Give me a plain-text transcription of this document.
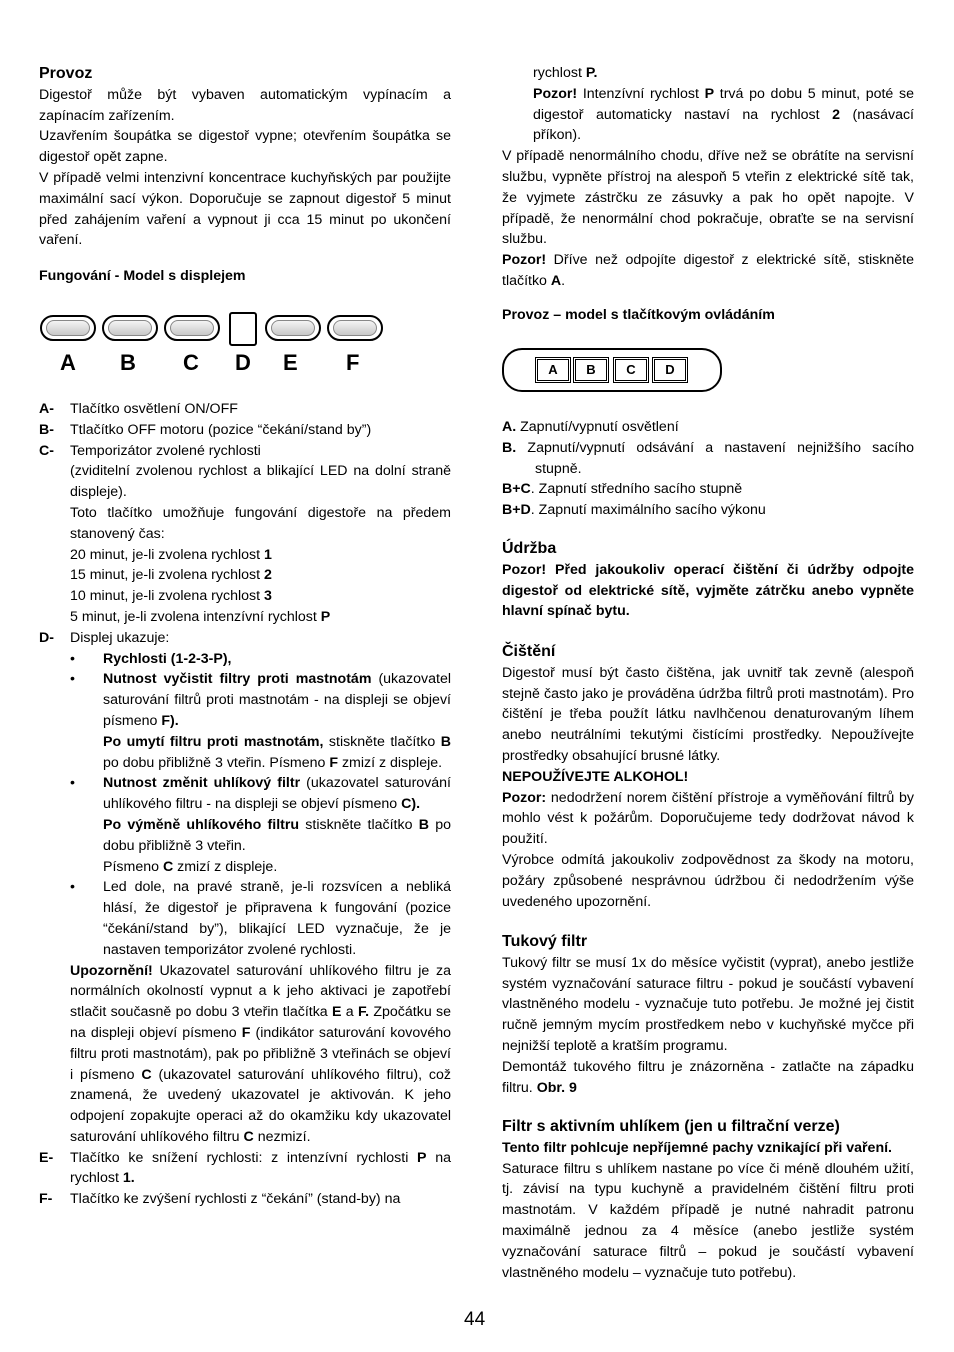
Provoz

Digestoř může být vybaven automatickým vypínacím a zapínacím zařízením.

Uzavřením šoupátka se digestoř vypne; otevřením šoupátka se digestoř opět zapne.

V případě velmi intenzivní koncentrace kuchyňských par použijte maximální sací výkon. Doporučuje se zapnout digestoř 5 minut před zahájením vaření a vypnout ji cca 15 minut po ukončení vaření.

Fungování - Model s displejem

A B C D E F
A- Tlačítko osvětlení ON/OFF
B- Ttlačítko OFF motoru (pozice “čekání/stand by”)
C- Temporizátor zvolené rychlosti
(zviditelní zvolenou rychlost a blikající LED na dolní straně displeje).
Toto tlačítko umožňuje fungování digestoře na předem stanovený čas:
20 minut, je-li zvolena rychlost 1
15 minut, je-li zvolena rychlost 2
10 minut, je-li zvolena rychlost 3
5 minut, je-li zvolena intenzívní rychlost P
D- Displej ukazuje:
• Rychlosti (1-2-3-P),
• Nutnost vyčistit filtry proti mastnotám (ukazovatel saturování filtrů proti mastnotám - na displeji se objeví písmeno F).
Po umytí filtru proti mastnotám, stiskněte tlačítko B po dobu přibližně 3 vteřin. Písmeno F zmizí z displeje.
• Nutnost změnit uhlíkový filtr (ukazovatel saturování uhlíkového filtru - na displeji se objeví písmeno C).
Po výměně uhlíkového filtru stiskněte tlačítko B po dobu přibližně 3 vteřin.
Písmeno C zmizí z displeje.
• Led dole, na pravé straně, je-li rozsvícen a nebliká hlásí, že digestoř je připravena k fungování (pozice “čekání/stand by”), blikající LED vyznačuje, že je nastaven temporizátor zvolené rychlosti.
Upozornění! Ukazovatel saturování uhlíkového filtru je za normálních okolností vypnut a k jeho aktivaci je zapotřebí stlačit současně po dobu 3 vteřin tlačítka E a F. Zpočátku se na displeji objeví písmeno F (indikátor saturování kovového filtru proti mastnotám), pak po přibližně 3 vteřinách se objeví i písmeno C (ukazovatel saturování uhlíkového filtru), což znamená, že uvedený ukazovatel je aktivován. K jeho odpojení zopakujte operaci až do okamžiku kdy ukazovatel saturování uhlíkového filtru C nezmizí.
E- Tlačítko ke snížení rychlosti: z intenzívní rychlosti P na rychlost 1.
F- Tlačítko ke zvýšení rychlosti z “čekání” (stand-by) na
rychlost P.
Pozor! Intenzívní rychlost P trvá po dobu 5 minut, poté se digestoř automaticky nastaví na rychlost 2 (nasávací příkon).

V případě nenormálního chodu, dříve než se obrátíte na servisní službu, vypněte přístroj na alespoň 5 vteřin z elektrické sítě tak, že vyjmete zástrčku ze zásuvky a pak ho opět napojte. V případě, že nenormální chod pokračuje, obraťte se na servisní službu.

Pozor! Dříve než odpojíte digestoř z elektrické sítě, stiskněte tlačítko A.

Provoz – model s tlačítkovým ovládáním

A	B	C	D

A. Zapnutí/vypnutí osvětlení

B. Zapnutí/vypnutí odsávání a nastavení nejnižšího sacího stupně.

B+C. Zapnutí středního sacího stupně

B+D. Zapnutí maximálního sacího výkonu

Údržba

Pozor! Před jakoukoliv operací čištění či údržby odpojte digestoř od elektrické sítě, vyjměte zátrčku anebo vypněte hlavní spínač bytu.

Čištění

Digestoř musí být často čištěna, jak uvnitř tak zevně (alespoň stejně často jako je prováděna údržba filtrů proti mastnotám). Pro čištění je třeba použít látku navlhčenou denaturovaným líhem anebo neutrálními tekutými čistícími prostředky. Nepoužívejte prostředky obsahující brusné látky.

NEPOUŽÍVEJTE ALKOHOL!

Pozor: nedodržení norem čištění přístroje a vyměňování filtrů by mohlo vést k požárům. Doporučujeme tedy dodržovat návod k použití.

Výrobce odmítá jakoukoliv zodpovědnost za škody na motoru, požáry způsobené nesprávnou údržbou či nedodržením výše uvedeného upozornění.

Tukový filtr

Tukový filtr se musí 1x do měsíce vyčistit (vyprat), anebo jestliže systém vyznačování saturace filtru - pokud je součástí vybavení vlastněného modelu - vyznačuje tuto potřebu. Je možné jej čistit ručně jemným mycím prostředkem nebo v kuchyňské myčce při nejnižší teplotě a kratším programu.

Demontáž tukového filtru je znázorněna - zatlačte na západku filtru. Obr. 9

Filtr s aktivním uhlíkem (jen u filtrační verze)

Tento filtr pohlcuje nepříjemné pachy vznikající při vaření.

Saturace filtru s uhlíkem nastane po více či méně dlouhém užití, tj. závisí na typu kuchyně a pravidelném čištění filtru proti mastnotám. V každém případě je nutné nahradit patronu maximálně jednou za 4 měsíce (anebo jestliže systém vyznačování saturace filtrů – pokud je součástí vybavení vlastněného modelu – vyznačuje tuto potřebu).

44
